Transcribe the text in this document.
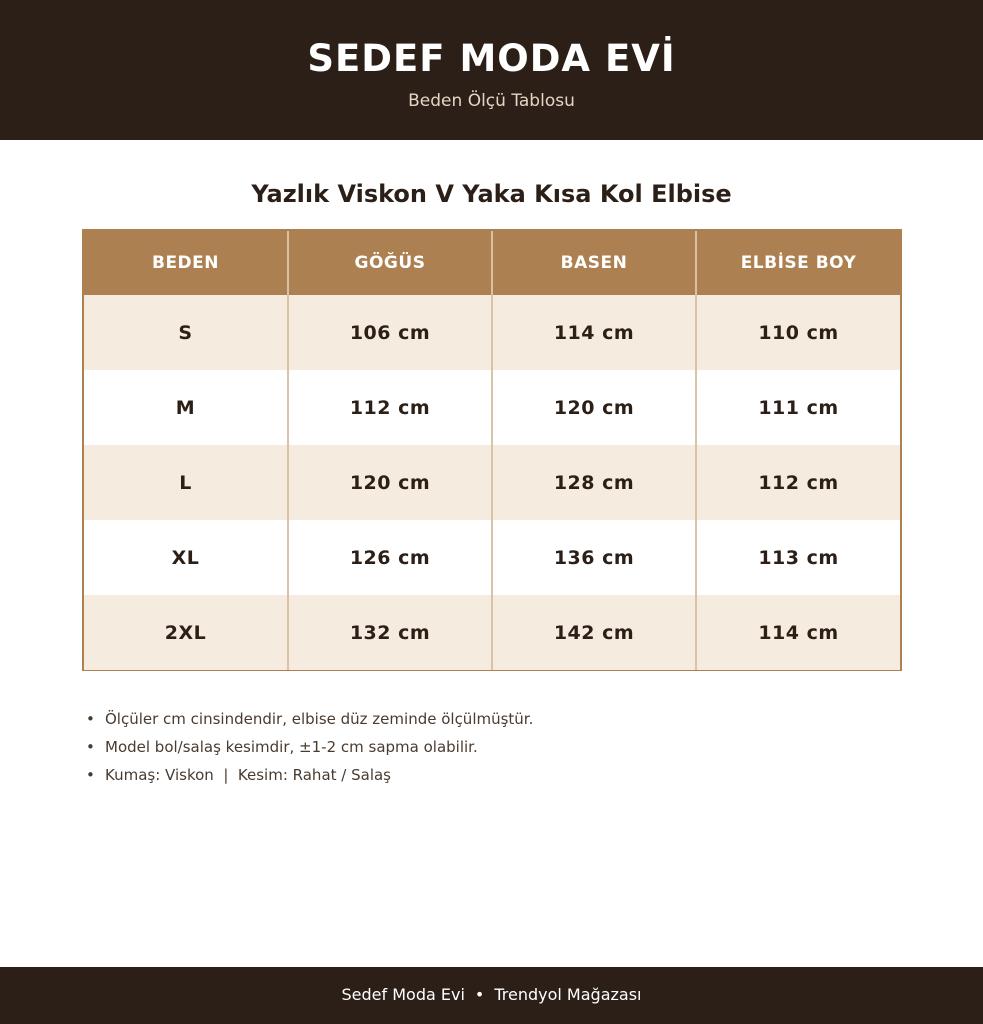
SEDEF MODA EVİ
Beden Ölçü Tablosu
Yazlık Viskon V Yaka Kısa Kol Elbise
BEDEN	GÖĞÜS	BASEN	ELBİSE BOY
S	106 cm	114 cm	110 cm
M	112 cm	120 cm	111 cm
L	120 cm	128 cm	112 cm
XL	126 cm	136 cm	113 cm
2XL	132 cm	142 cm	114 cm
• Ölçüler cm cinsindendir, elbise düz zeminde ölçülmüştür.
• Model bol/salaş kesimdir, ±1-2 cm sapma olabilir.
• Kumaş: Viskon  |  Kesim: Rahat / Salaş
Sedef Moda Evi • Trendyol Mağazası
